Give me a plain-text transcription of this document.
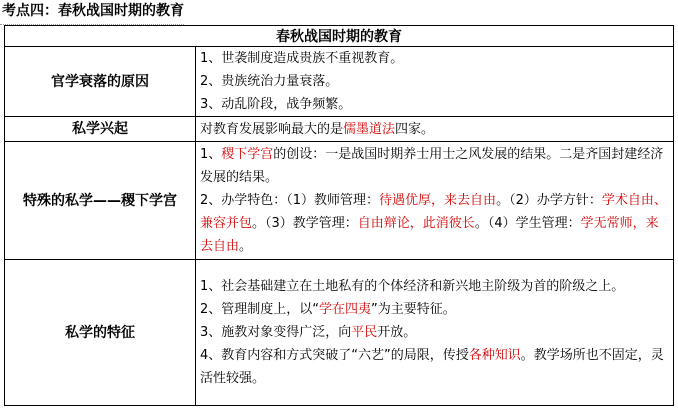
考点四：春秋战国时期的教育
春秋战国时期的教育	
官学衰落的原因	1、世袭制度造成贵族不重视教育。

2、贵族统治力量衰落。

3、动乱阶段，战争频繁。

私学兴起	对教育发展影响最大的是儒墨道法四家。

特殊的私学——稷下学宫	1、稷下学宫的创设：一是战国时期养士用士之风发展的结果。二是齐国封建经济发展的结果。

2、办学特色：（1）教师管理：待遇优厚，来去自由。（2）办学方针：学术自由、兼容并包。（3）教学管理：自由辩论，此消彼长。（4）学生管理：学无常师，来去自由。

私学的特征	1、社会基础建立在土地私有的个体经济和新兴地主阶级为首的阶级之上。

2、管理制度上，以“学在四夷”为主要特征。

3、施教对象变得广泛，向平民开放。

4、教育内容和方式突破了“六艺”的局限，传授各种知识。教学场所也不固定，灵活性较强。
